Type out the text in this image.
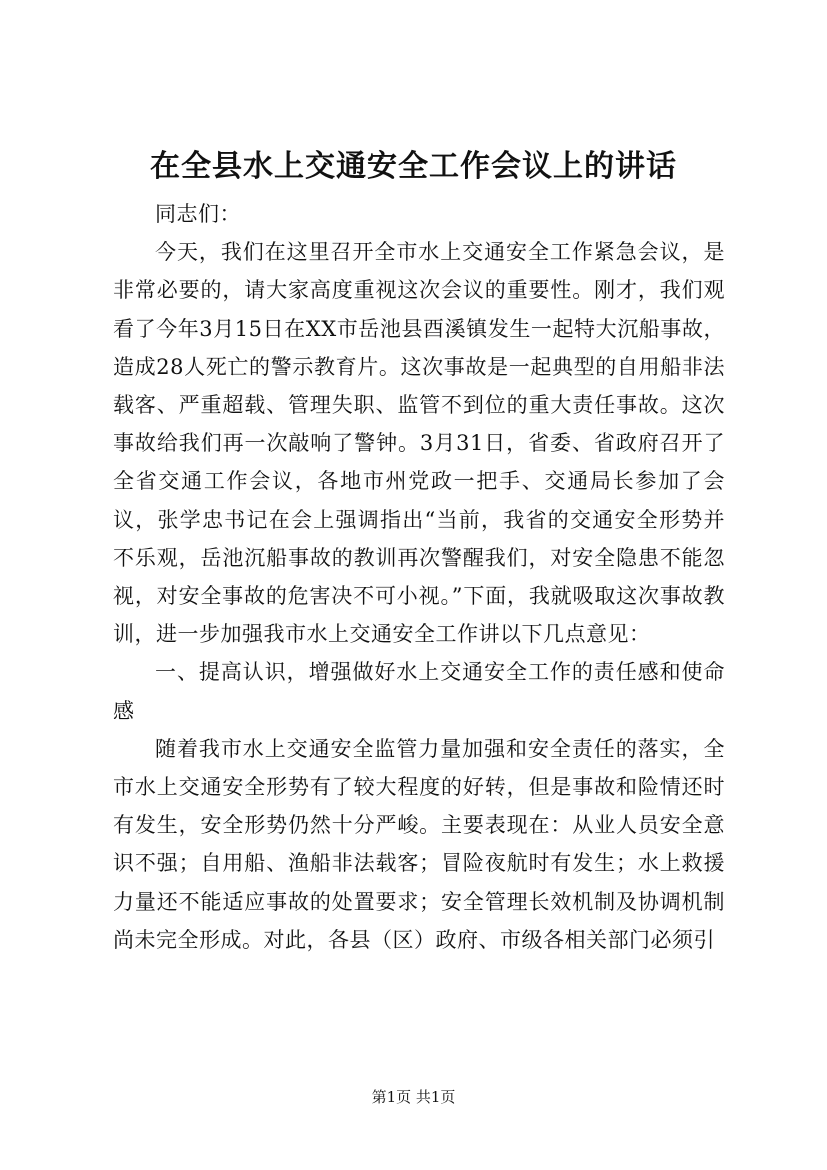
在全县水上交通安全工作会议上的讲话

同志们：

今天，我们在这里召开全市水上交通安全工作紧急会议，是非常必要的，请大家高度重视这次会议的重要性。刚才，我们观看了今年3月15日在XX市岳池县酉溪镇发生一起特大沉船事故，造成28人死亡的警示教育片。这次事故是一起典型的自用船非法载客、严重超载、管理失职、监管不到位的重大责任事故。这次事故给我们再一次敲响了警钟。3月31日，省委、省政府召开了全省交通工作会议，各地市州党政一把手、交通局长参加了会议，张学忠书记在会上强调指出“当前，我省的交通安全形势并不乐观，岳池沉船事故的教训再次警醒我们，对安全隐患不能忽视，对安全事故的危害决不可小视。”下面，我就吸取这次事故教训，进一步加强我市水上交通安全工作讲以下几点意见：

一、提高认识，增强做好水上交通安全工作的责任感和使命感

随着我市水上交通安全监管力量加强和安全责任的落实，全市水上交通安全形势有了较大程度的好转，但是事故和险情还时有发生，安全形势仍然十分严峻。主要表现在：从业人员安全意识不强；自用船、渔船非法载客；冒险夜航时有发生；水上救援力量还不能适应事故的处置要求；安全管理长效机制及协调机制尚未完全形成。对此，各县（区）政府、市级各相关部门必须引

第1页 共1页
